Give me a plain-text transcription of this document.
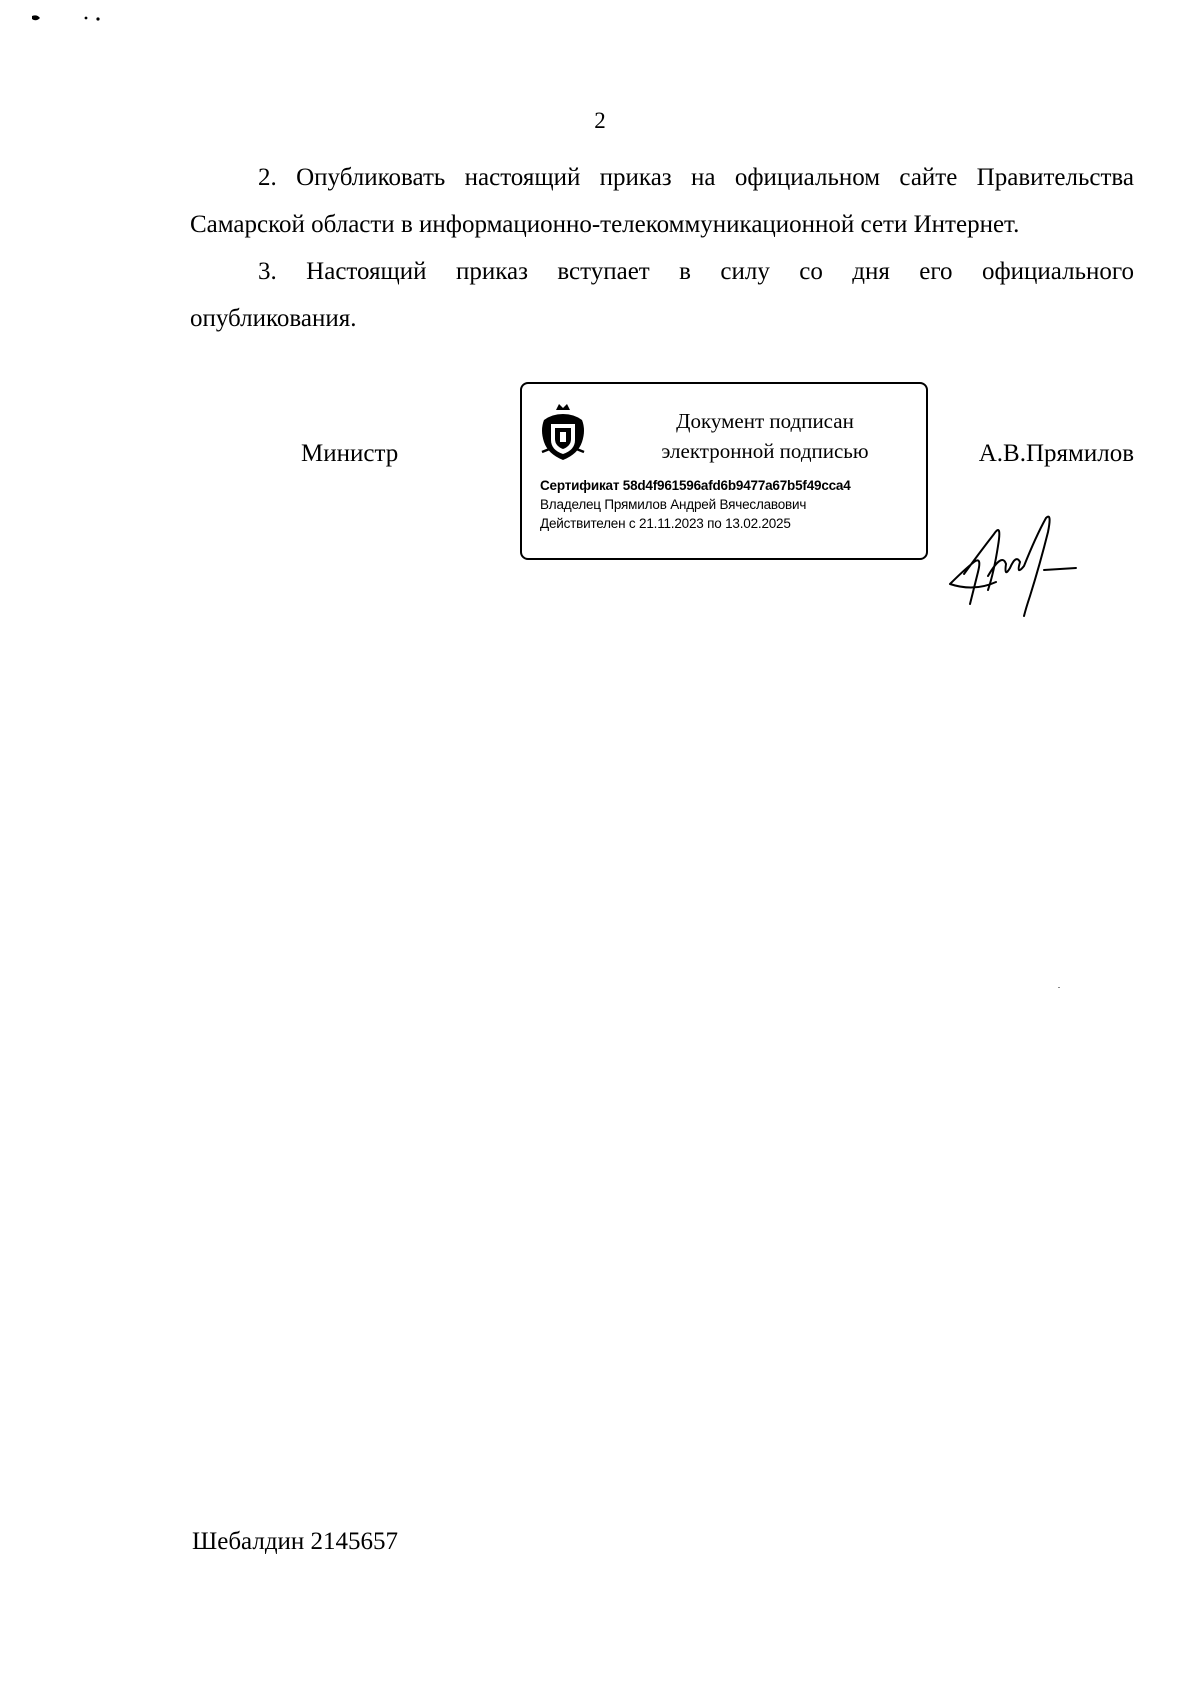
2

2. Опубликовать настоящий приказ на официальном сайте Правительства
Самарской области в информационно-телекоммуникационной сети Интернет.

3. Настоящий приказ вступает в силу со дня его официального
опубликования.

Министр
Документ подписан
электронной подписью
Сертификат 58d4f961596afd6b9477a67b5f49cca4
Владелец Прямилов Андрей Вячеславович
Действителен с 21.11.2023 по 13.02.2025
А.В.Прямилов
Шебалдин 2145657
